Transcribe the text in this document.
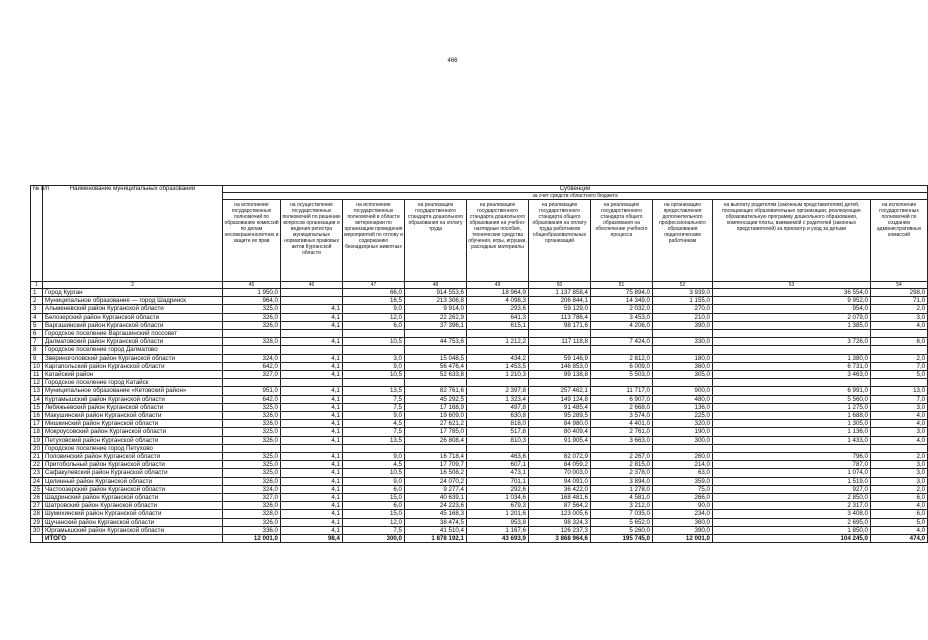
466
№ п/п	Наименование муниципальных образований	Субвенции									
		за счет средств областного бюджета									
		на исполнение государственных полномочий по образованию комиссий по делам несовершеннолетних и защите их прав	на осуществление государственных полномочий по решению вопросов организации и ведения регистра муниципальных нормативных правовых актов Курганской области	на исполнение государственных полномочий в области ветеринарии по организации проведения мероприятий по отлову и содержанию безнадзорных животных	на реализацию государственного стандарта дошкольного образования на оплату труда	на реализацию государственного стандарта дошкольного образования на учебно-наглядные пособия, технические средства обучения, игры, игрушки, расходные материалы	на реализацию государственного стандарта общего образования на оплату труда работников общеобразовательных организаций	на реализацию государственного стандарта общего образования на обеспечение учебного процесса	на организацию предоставления дополнительного профессионального образования педагогическим работникам	на выплату родителям (законным представителям) детей, посещающих образовательные организации, реализующие образовательную программу дошкольного образования, компенсации платы, взимаемой с родителей (законных представителей) за присмотр и уход за детьми	на исполнение государственных полномочий по созданию административных комиссий
1	2	45	46	47	48	49	50	51	52	53	54
1	Город Курган	1 950,0		66,0	914 553,6	18 964,9	1 137 858,4	75 894,0	3 939,0	36 554,0	298,0
2	Муниципальное образование — город Шадринск	964,0		16,5	213 306,8	4 098,3	206 844,1	14 349,0	1 155,0	9 952,0	71,0
3	Альменевский район Курганской области	325,0	4,1	9,0	9 914,0	293,6	59 129,0	2 032,0	270,0	954,0	2,0
4	Белозерский район Курганской области	326,0	4,1	12,0	22 262,9	641,3	113 786,4	3 453,0	210,0	2 079,0	3,0
5	Варгашинский район Курганской области	326,0	4,1	6,0	37 396,1	615,1	98 171,6	4 206,0	390,0	1 385,0	4,0
6	Городское поселение Варгашинский поссовет										
7	Далматовский район Курганской области	328,0	4,1	10,5	44 753,6	1 212,2	117 118,8	7 424,0	330,0	3 726,0	6,0
8	Городское поселение город Далматово										
9	Звериноголовский район Курганской области	324,0	4,1	3,0	15 048,5	434,2	59 146,9	2 812,0	180,0	1 380,0	2,0
10	Каргапольский район Курганской области	642,0	4,1	9,0	56 476,4	1 453,5	146 853,0	6 009,0	360,0	6 731,0	7,0
11	Катайский район	327,0	4,1	10,5	52 633,8	1 210,3	99 138,8	5 503,0	305,0	3 463,0	5,0
12	Городское поселение город Катайск										
13	Муниципальное образование «Кетовский район»	951,0	4,1	13,5	82 761,6	2 397,8	257 462,1	11 717,0	900,0	6 991,0	13,0
14	Куртамышский район Курганской области	642,0	4,1	7,5	45 292,5	1 323,4	149 124,8	6 907,0	480,0	5 560,0	7,0
15	Лебяжьевский район Курганской области	325,0	4,1	7,5	17 168,9	497,8	91 485,4	2 668,0	136,0	1 275,0	3,0
16	Макушинский район Курганской области	326,0	4,1	9,0	19 609,0	630,8	95 289,5	3 574,0	225,0	1 688,0	4,0
17	Мишкинский район Курганской области	326,0	4,1	4,5	27 621,2	818,0	84 980,0	4 401,0	320,0	1 305,0	4,0
18	Мокроусовский район Курганской области	325,0	4,1	7,5	17 785,0	517,8	80 409,4	2 761,0	190,0	1 136,0	3,0
19	Петуховский район Курганской области	326,0	4,1	13,5	26 808,4	810,3	91 905,4	3 663,0	300,0	1 433,0	4,0
20	Городское поселение город Петухово										
21	Половинский район Курганской области	325,0	4,1	9,0	16 718,4	463,6	82 072,9	2 267,0	260,0	796,0	2,0
22	Притобольный район Курганской области	325,0	4,1	4,5	17 709,7	607,1	84 059,2	2 815,0	214,0	787,0	3,0
23	Сафакулевский район Курганской области	325,0	4,1	10,5	16 508,2	473,1	70 003,0	2 378,0	63,0	1 074,0	3,0
24	Целинный район Курганской области	326,0	4,1	9,0	24 070,2	701,1	94 091,0	3 894,0	359,0	1 519,0	3,0
25	Частоозерский район Курганской области	324,0	4,1	6,0	9 277,4	292,6	36 422,0	1 278,0	75,0	927,0	2,0
26	Шадринский район Курганской области	327,0	4,1	15,0	40 639,1	1 034,6	168 481,6	4 581,0	266,0	2 850,0	6,0
27	Шатровский район Курганской области	326,0	4,1	6,0	24 223,6	679,3	87 564,2	3 212,0	90,0	2 317,0	4,0
28	Шумихинский район Курганской области	328,0	4,1	15,0	45 168,3	1 201,6	123 005,6	7 035,0	234,0	3 408,0	6,0
29	Щучанский район Курганской области	326,0	4,1	12,0	38 474,5	953,8	98 324,3	5 652,0	360,0	2 695,0	5,0
30	Юргамышский район Курганской области	336,0	4,1	7,5	41 510,4	1 167,6	126 237,3	5 260,0	390,0	1 850,0	4,0
	ИТОГО	12 001,0	98,4	300,0	1 878 192,1	43 693,9	3 868 964,6	195 745,0	12 001,0	104 245,0	474,0
